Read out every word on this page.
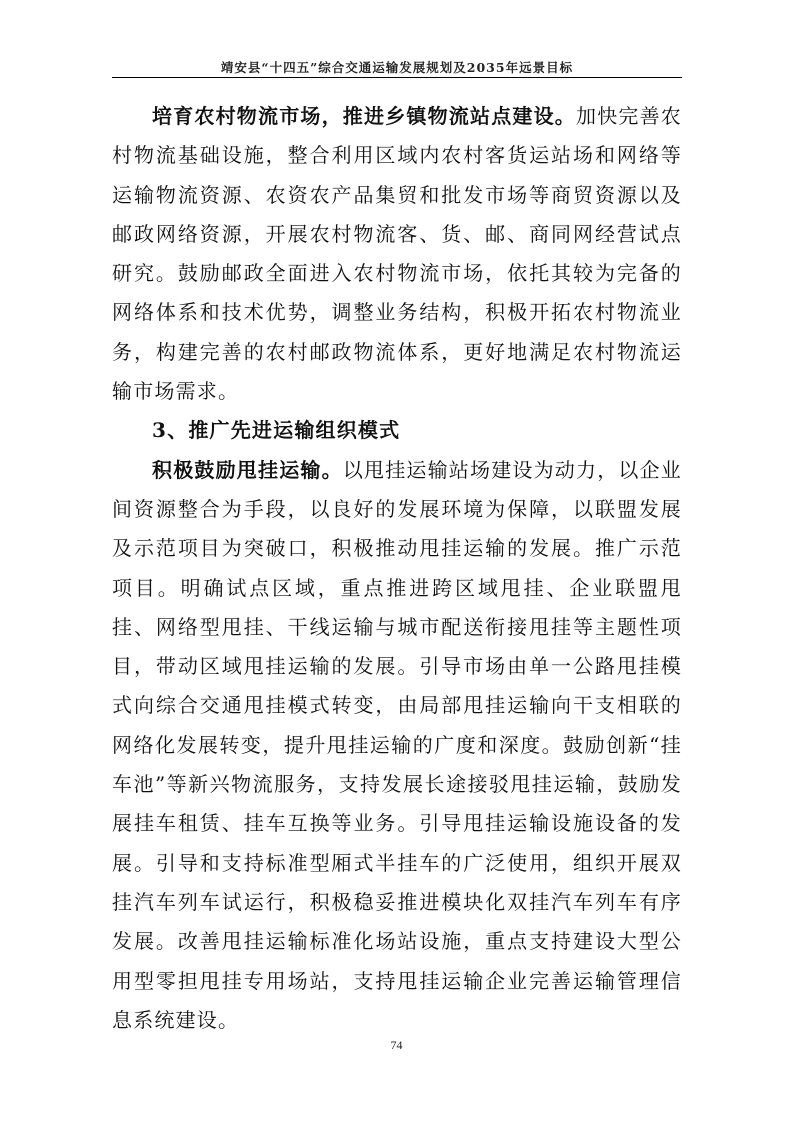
靖安县“十四五”综合交通运输发展规划及2035年远景目标

培育农村物流市场，推进乡镇物流站点建设。加快完善农村物流基础设施，整合利用区域内农村客货运站场和网络等运输物流资源、农资农产品集贸和批发市场等商贸资源以及邮政网络资源，开展农村物流客、货、邮、商同网经营试点研究。鼓励邮政全面进入农村物流市场，依托其较为完备的网络体系和技术优势，调整业务结构，积极开拓农村物流业务，构建完善的农村邮政物流体系，更好地满足农村物流运输市场需求。

3、推广先进运输组织模式

积极鼓励甩挂运输。以甩挂运输站场建设为动力，以企业间资源整合为手段，以良好的发展环境为保障，以联盟发展及示范项目为突破口，积极推动甩挂运输的发展。推广示范项目。明确试点区域，重点推进跨区域甩挂、企业联盟甩挂、网络型甩挂、干线运输与城市配送衔接甩挂等主题性项目，带动区域甩挂运输的发展。引导市场由单一公路甩挂模式向综合交通甩挂模式转变，由局部甩挂运输向干支相联的网络化发展转变，提升甩挂运输的广度和深度。鼓励创新“挂车池”等新兴物流服务，支持发展长途接驳甩挂运输，鼓励发展挂车租赁、挂车互换等业务。引导甩挂运输设施设备的发展。引导和支持标准型厢式半挂车的广泛使用，组织开展双挂汽车列车试运行，积极稳妥推进模块化双挂汽车列车有序发展。改善甩挂运输标准化场站设施，重点支持建设大型公用型零担甩挂专用场站，支持甩挂运输企业完善运输管理信息系统建设。

74
